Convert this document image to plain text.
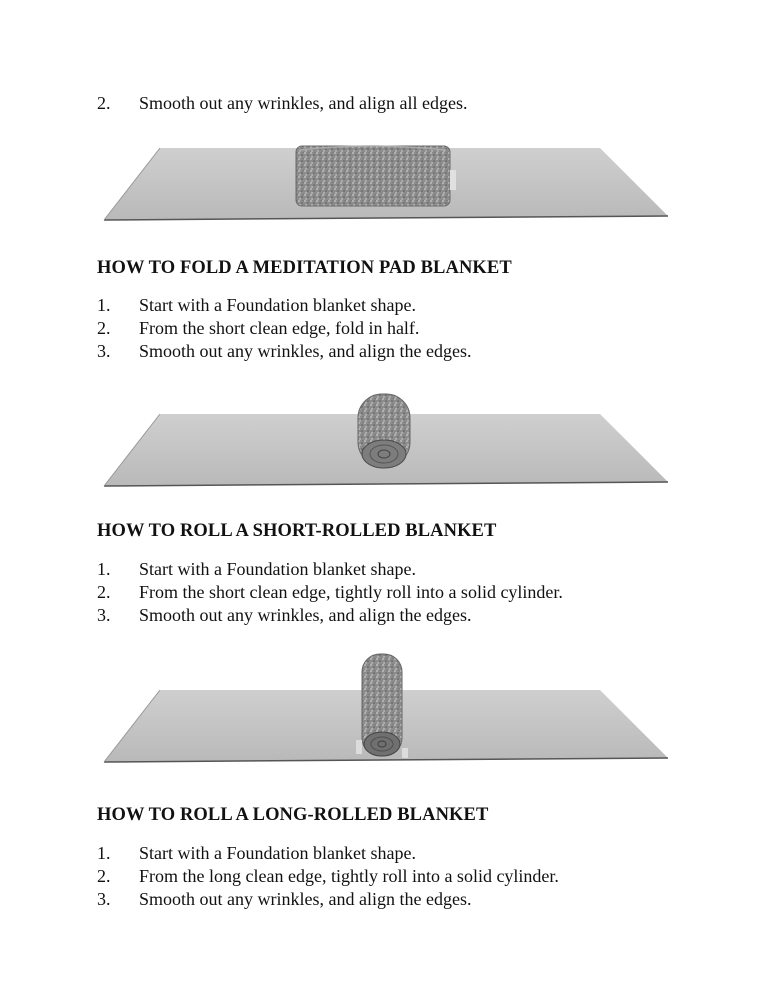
2. Smooth out any wrinkles, and align all edges.
HOW TO FOLD A MEDITATION PAD BLANKET
1. Start with a Foundation blanket shape.
2. From the short clean edge, fold in half.
3. Smooth out any wrinkles, and align the edges.
HOW TO ROLL A SHORT-ROLLED BLANKET
1. Start with a Foundation blanket shape.
2. From the short clean edge, tightly roll into a solid cylinder.
3. Smooth out any wrinkles, and align the edges.
HOW TO ROLL A LONG-ROLLED BLANKET
1. Start with a Foundation blanket shape.
2. From the long clean edge, tightly roll into a solid cylinder.
3. Smooth out any wrinkles, and align the edges.
